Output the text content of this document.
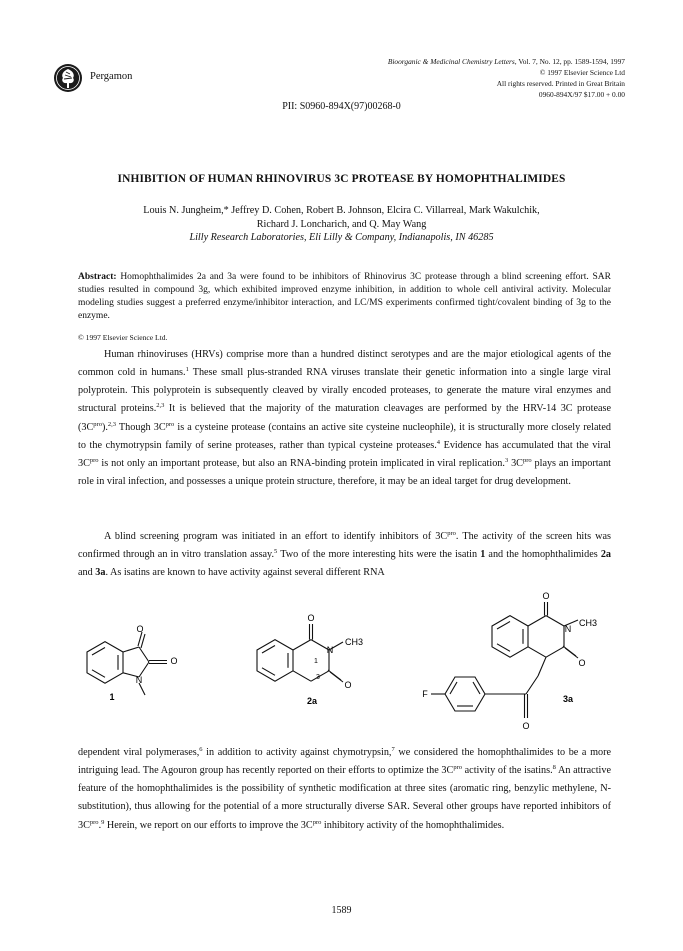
Pergamon
Bioorganic & Medicinal Chemistry Letters, Vol. 7, No. 12, pp. 1589-1594, 1997
© 1997 Elsevier Science Ltd
All rights reserved. Printed in Great Britain
0960-894X/97 $17.00 + 0.00
PII: S0960-894X(97)00268-0
INHIBITION OF HUMAN RHINOVIRUS 3C PROTEASE BY HOMOPHTHALIMIDES
Louis N. Jungheim,* Jeffrey D. Cohen, Robert B. Johnson, Elcira C. Villarreal, Mark Wakulchik,
Richard J. Loncharich, and Q. May Wang
Lilly Research Laboratories, Eli Lilly & Company, Indianapolis, IN 46285
Abstract: Homophthalimides 2a and 3a were found to be inhibitors of Rhinovirus 3C protease through a blind screening effort. SAR studies resulted in compound 3g, which exhibited improved enzyme inhibition, in addition to whole cell antiviral activity. Molecular modeling studies suggest a preferred enzyme/inhibitor interaction, and LC/MS experiments confirmed tight/covalent binding of 3g to the enzyme.
© 1997 Elsevier Science Ltd.
Human rhinoviruses (HRVs) comprise more than a hundred distinct serotypes and are the major etiological agents of the common cold in humans.$^1$ These small plus-stranded RNA viruses translate their genetic information into a single large viral polyprotein. This polyprotein is subsequently cleaved by virally encoded proteases, to generate the mature viral enzymes and structural proteins.$^{2,3}$ It is believed that the majority of the maturation cleavages are performed by the HRV-14 3C protease $(3C^{pro}).^{2,3}$ Though $3C^{pro}$ is a cysteine protease (contains an active site cysteine nucleophile), it is structurally more closely related to the chymotrypsin family of serine proteases, rather than typical cysteine proteases.$^4$ Evidence has accumulated that the viral $3C^{pro}$ is not only an important protease, but also an RNA-binding protein implicated in viral replication.$^3$ $3C^{pro}$ plays an important role in viral infection, and possesses a unique protein structure, therefore, it may be an ideal target for drug development.
A blind screening program was initiated in an effort to identify inhibitors of $3C^{pro}$. The activity of the screen hits was confirmed through an in vitro translation assay.$^5$ Two of the more interesting hits were the isatin 1 and the homophthalimides 2a and 3a. As isatins are known to have activity against several different RNA
O
O
N
1
O
N
CH3
O
1
3
2a
O
N
CH3
O
F
O
3a
dependent viral polymerases,$^6$ in addition to activity against chymotrypsin,$^7$ we considered the homophthalimides to be a more intriguing lead. The Agouron group has recently reported on their efforts to optimize the $3C^{pro}$ activity of the isatins.$^8$ An attractive feature of the homophthalimides is the possibility of synthetic modification at three sites (aromatic ring, benzylic methylene, N-substitution), thus allowing for the potential of a more structurally diverse SAR. Several other groups have reported inhibitors of $3C^{pro}.^9$ Herein, we report on our efforts to improve the $3C^{pro}$ inhibitory activity of the homophthalimides.
1589
